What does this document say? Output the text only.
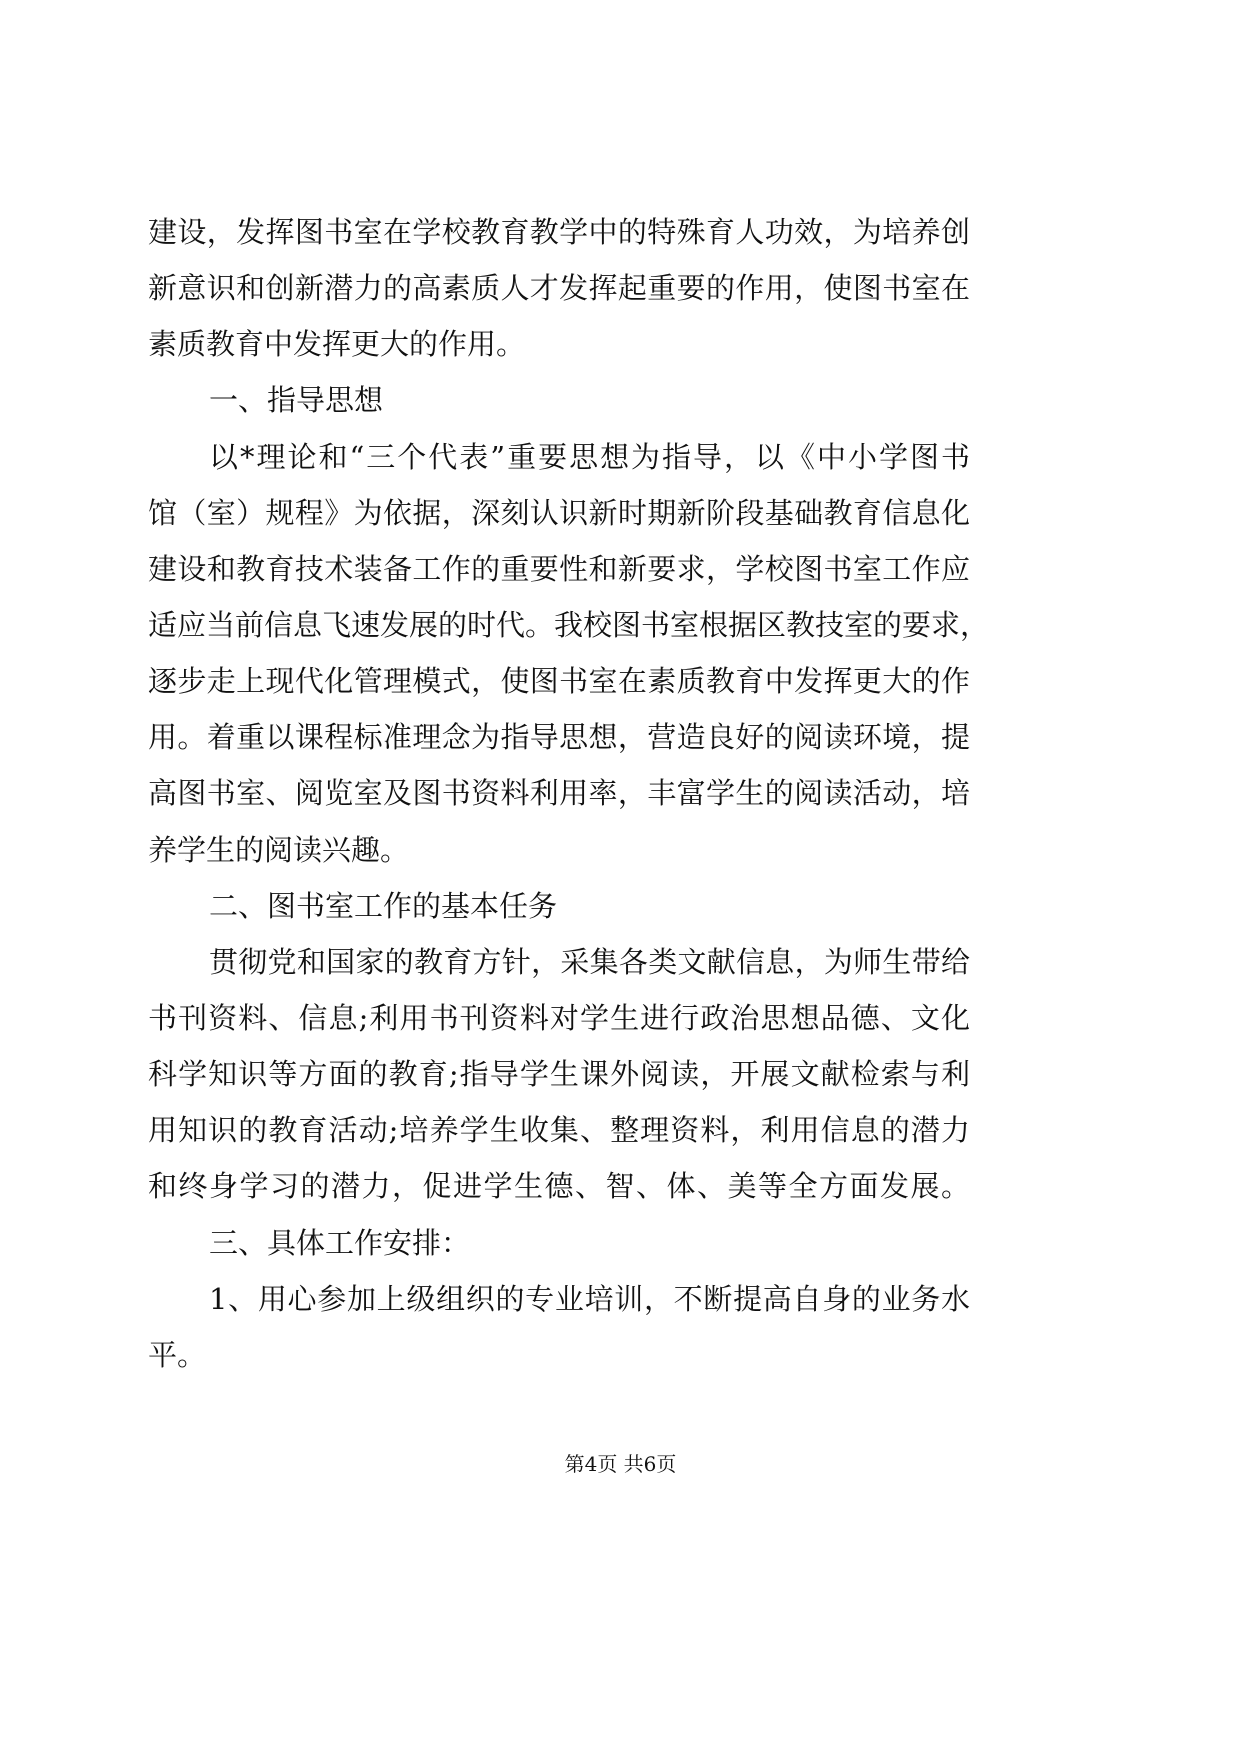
建设，发挥图书室在学校教育教学中的特殊育人功效，为培养创
新意识和创新潜力的高素质人才发挥起重要的作用，使图书室在
素质教育中发挥更大的作用。
一、指导思想
以*理论和“三个代表”重要思想为指导，以《中小学图书
馆（室）规程》为依据，深刻认识新时期新阶段基础教育信息化
建设和教育技术装备工作的重要性和新要求，学校图书室工作应
适应当前信息飞速发展的时代。我校图书室根据区教技室的要求，
逐步走上现代化管理模式，使图书室在素质教育中发挥更大的作
用。着重以课程标准理念为指导思想，营造良好的阅读环境，提
高图书室、阅览室及图书资料利用率，丰富学生的阅读活动，培
养学生的阅读兴趣。
二、图书室工作的基本任务
贯彻党和国家的教育方针，采集各类文献信息，为师生带给
书刊资料、信息;利用书刊资料对学生进行政治思想品德、文化
科学知识等方面的教育;指导学生课外阅读，开展文献检索与利
用知识的教育活动;培养学生收集、整理资料，利用信息的潜力
和终身学习的潜力，促进学生德、智、体、美等全方面发展。
三、具体工作安排：
1、用心参加上级组织的专业培训，不断提高自身的业务水
平。
第4页 共6页
